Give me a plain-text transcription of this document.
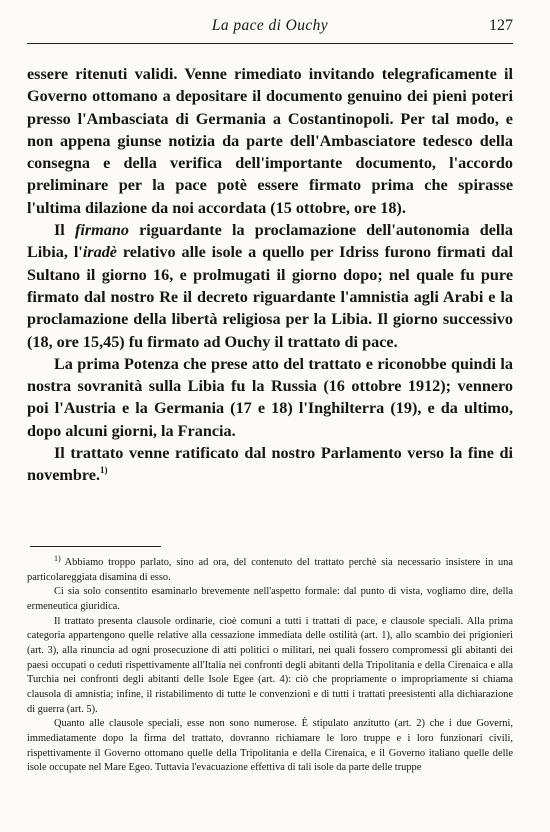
La pace di Ouchy	127

essere ritenuti validi. Venne rimediato invitando telegraficamente il Governo ottomano a depositare il documento genuino dei pieni poteri presso l'Ambasciata di Germania a Costantinopoli. Per tal modo, e non appena giunse notizia da parte dell'Ambasciatore tedesco della consegna e della verifica dell'importante documento, l'accordo preliminare per la pace potè essere firmato prima che spirasse l'ultima dilazione da noi accordata (15 ottobre, ore 18).

Il firmano riguardante la proclamazione dell'autonomia della Libia, l'iradè relativo alle isole a quello per Idriss furono firmati dal Sultano il giorno 16, e prolmugati il giorno dopo; nel quale fu pure firmato dal nostro Re il decreto riguardante l'amnistia agli Arabi e la proclamazione della libertà religiosa per la Libia. Il giorno successivo (18, ore 15,45) fu firmato ad Ouchy il trattato di pace.

La prima Potenza che prese atto del trattato e riconobbe quindi la nostra sovranità sulla Libia fu la Russia (16 ottobre 1912); vennero poi l'Austria e la Germania (17 e 18) l'Inghilterra (19), e da ultimo, dopo alcuni giorni, la Francia.

Il trattato venne ratificato dal nostro Parlamento verso la fine di novembre.$^{1)}$

$^{1)}$ Abbiamo troppo parlato, sino ad ora, del contenuto del trattato perchè sia necessario insistere in una particolareggiata disamina di esso.

Ci sia solo consentito esaminarlo brevemente nell'aspetto formale: dal punto di vista, vogliamo dire, della ermeneutica giuridica.

Il trattato presenta clausole ordinarie, cioè comuni a tutti i trattati di pace, e clausole speciali. Alla prima categoria appartengono quelle relative alla cessazione immediata delle ostilità (art. 1), allo scambio dei prigionieri (art. 3), alla rinuncia ad ogni prosecuzione di atti politici o militari, nei quali fossero compromessi gli abitanti dei paesi occupati o ceduti rispettivamente all'Italia nei confronti degli abitanti della Tripolitania e della Cirenaica e alla Turchia nei confronti degli abitanti delle Isole Egee (art. 4): ciò che propriamente o impropriamente si chiama clausola di amnistia; infine, il ristabilimento di tutte le convenzioni e di tutti i trattati preesistenti alla dichiarazione di guerra (art. 5).

Quanto alle clausole speciali, esse non sono numerose. È stipulato anzitutto (art. 2) che i due Governi, immediatamente dopo la firma del trattato, dovranno richiamare le loro truppe e i loro funzionari civili, rispettivamente il Governo ottomano quelle della Tripolitania e della Cirenaica, e il Governo italiano quelle delle isole occupate nel Mare Egeo. Tuttavia l'evacuazione effettiva di tali isole da parte delle truppe
